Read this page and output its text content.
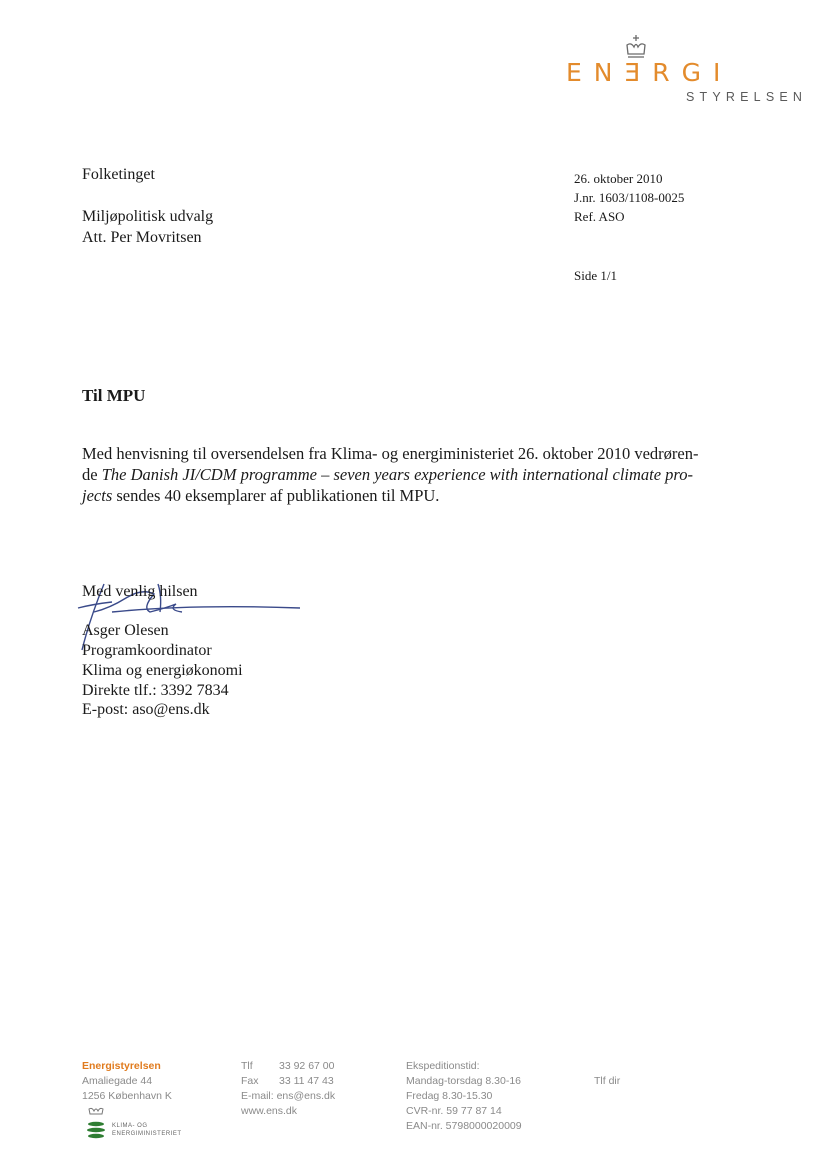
ENƎRGI
STYRELSEN
Folketinget
Miljøpolitisk udvalg
Att. Per Movritsen
26. oktober 2010
J.nr. 1603/1108-0025
Ref. ASO
Side 1/1
Til MPU
Med henvisning til oversendelsen fra Klima- og energiministeriet 26. oktober 2010 vedrøren-de The Danish JI/CDM programme – seven years experience with international climate pro-jects sendes 40 eksemplarer af publikationen til MPU.
Med venlig hilsen
Asger Olesen
Programkoordinator
Klima og energiøkonomi
Direkte tlf.: 3392 7834
E-post: aso@ens.dk
Energistyrelsen
Amaliegade 44
1256 København K
KLIMA- OG
ENERGIMINISTERIET
Tlf	33 92 67 00
Fax 33 11 47 43
E-mail: ens@ens.dk
www.ens.dk
Ekspeditionstid:
Mandag-torsdag 8.30-16
Fredag 8.30-15.30
CVR-nr. 59 77 87 14
EAN-nr. 5798000020009
Tlf dir
